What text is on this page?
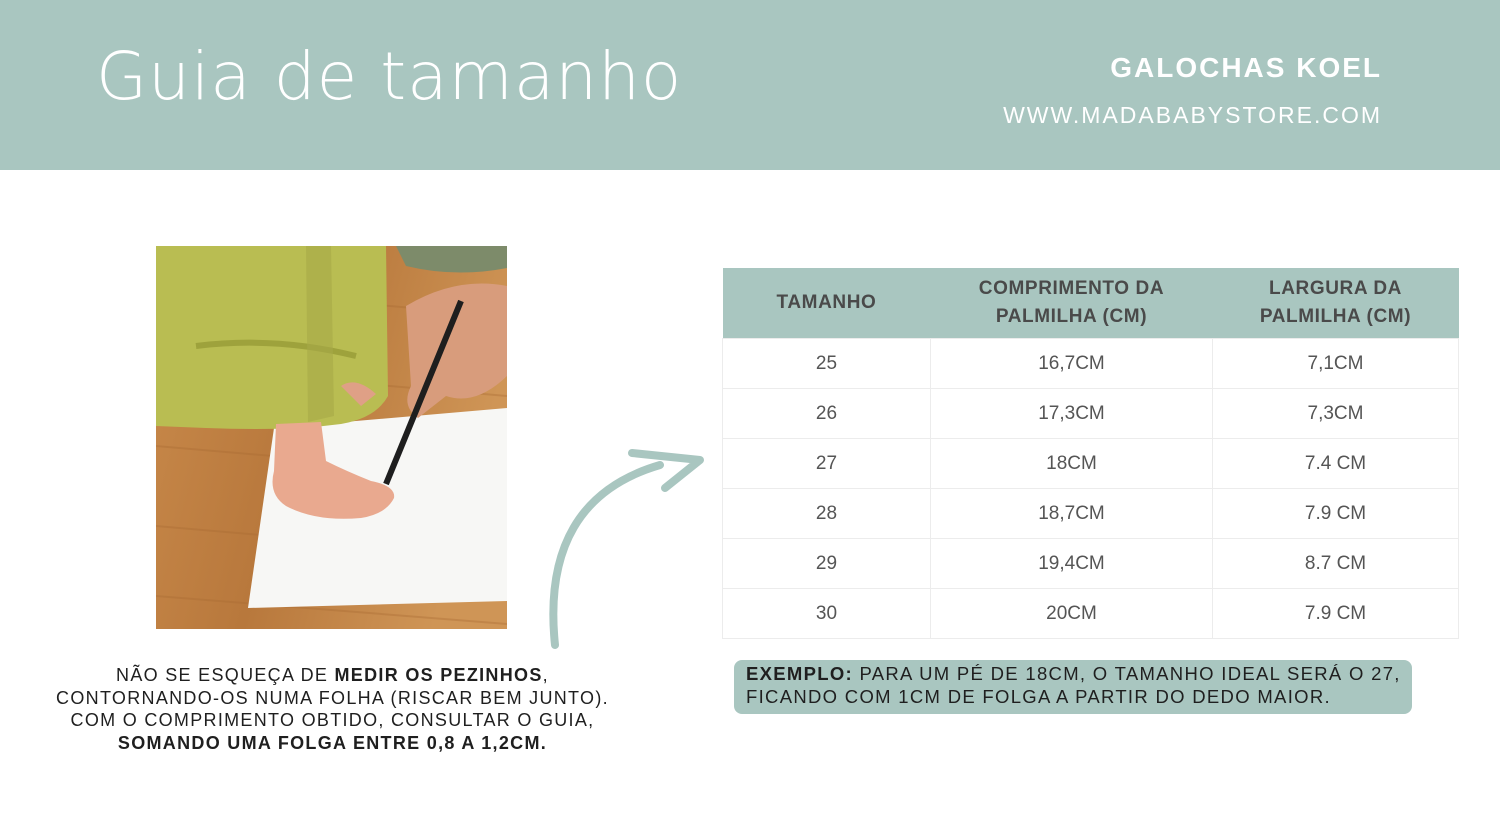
Guia de tamanho	GALOCHAS KOEL
WWW.MADABABYSTORE.COM
NÃO SE ESQUEÇA DE MEDIR OS PEZINHOS,
CONTORNANDO-OS NUMA FOLHA (RISCAR BEM JUNTO).
COM O COMPRIMENTO OBTIDO, CONSULTAR O GUIA,
SOMANDO UMA FOLGA ENTRE 0,8 A 1,2CM.
TAMANHO	COMPRIMENTO DA PALMILHA (CM)	LARGURA DA PALMILHA (CM)
25	16,7CM	7,1CM
26	17,3CM	7,3CM
27	18CM	7.4 CM
28	18,7CM	7.9 CM
29	19,4CM	8.7 CM
30	20CM	7.9 CM
EXEMPLO: PARA UM PÉ DE 18CM, O TAMANHO IDEAL SERÁ O 27, FICANDO COM 1CM DE FOLGA A PARTIR DO DEDO MAIOR.
